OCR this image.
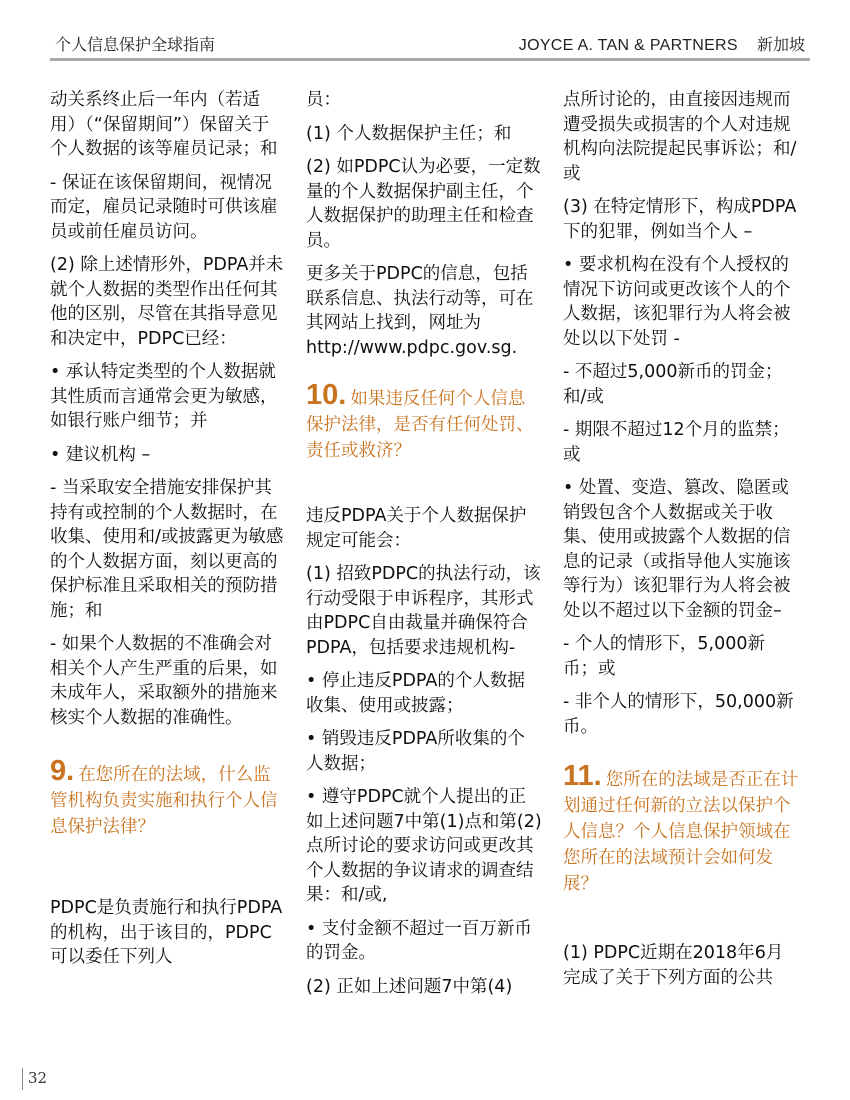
个人信息保护全球指南	JOYCE A. TAN & PARTNERS 新加坡

动关系终止后一年内（若适用）（“保留期间”）保留关于个人数据的该等雇员记录；和

- 保证在该保留期间，视情况而定，雇员记录随时可供该雇员或前任雇员访问。

(2) 除上述情形外，PDPA并未就个人数据的类型作出任何其他的区别，尽管在其指导意见和决定中，PDPC已经：

• 承认特定类型的个人数据就其性质而言通常会更为敏感，如银行账户细节；并

• 建议机构 –

- 当采取安全措施安排保护其持有或控制的个人数据时，在收集、使用和/或披露更为敏感的个人数据方面，刻以更高的保护标准且采取相关的预防措施；和

- 如果个人数据的不准确会对相关个人产生严重的后果，如未成年人，采取额外的措施来核实个人数据的准确性。

9. 在您所在的法域，什么监管机构负责实施和执行个人信息保护法律？

PDPC是负责施行和执行PDPA的机构，出于该目的，PDPC可以委任下列人

员：

(1) 个人数据保护主任；和

(2) 如PDPC认为必要，一定数量的个人数据保护副主任，个人数据保护的助理主任和检查员。

更多关于PDPC的信息，包括联系信息、执法行动等，可在其网站上找到，网址为http://www.pdpc.gov.sg.

10. 如果违反任何个人信息保护法律，是否有任何处罚、责任或救济？

违反PDPA关于个人数据保护规定可能会：

(1) 招致PDPC的执法行动，该行动受限于申诉程序，其形式由PDPC自由裁量并确保符合PDPA，包括要求违规机构-

• 停止违反PDPA的个人数据收集、使用或披露；

• 销毁违反PDPA所收集的个人数据；

• 遵守PDPC就个人提出的正如上述问题7中第(1)点和第(2)点所讨论的要求访问或更改其个人数据的争议请求的调查结果：和/或,

• 支付金额不超过一百万新币的罚金。

(2) 正如上述问题7中第(4)

点所讨论的，由直接因违规而遭受损失或损害的个人对违规机构向法院提起民事诉讼；和/或

(3) 在特定情形下，构成PDPA下的犯罪，例如当个人 –

• 要求机构在没有个人授权的情况下访问或更改该个人的个人数据，该犯罪行为人将会被处以以下处罚 -

- 不超过5,000新币的罚金；和/或

- 期限不超过12个月的监禁；或

• 处置、变造、篡改、隐匿或销毁包含个人数据或关于收集、使用或披露个人数据的信息的记录（或指导他人实施该等行为）该犯罪行为人将会被处以不超过以下金额的罚金–

- 个人的情形下，5,000新币；或

- 非个人的情形下，50,000新币。

11. 您所在的法域是否正在计划通过任何新的立法以保护个人信息？个人信息保护领域在您所在的法域预计会如何发展？

(1) PDPC近期在2018年6月完成了关于下列方面的公共

32
